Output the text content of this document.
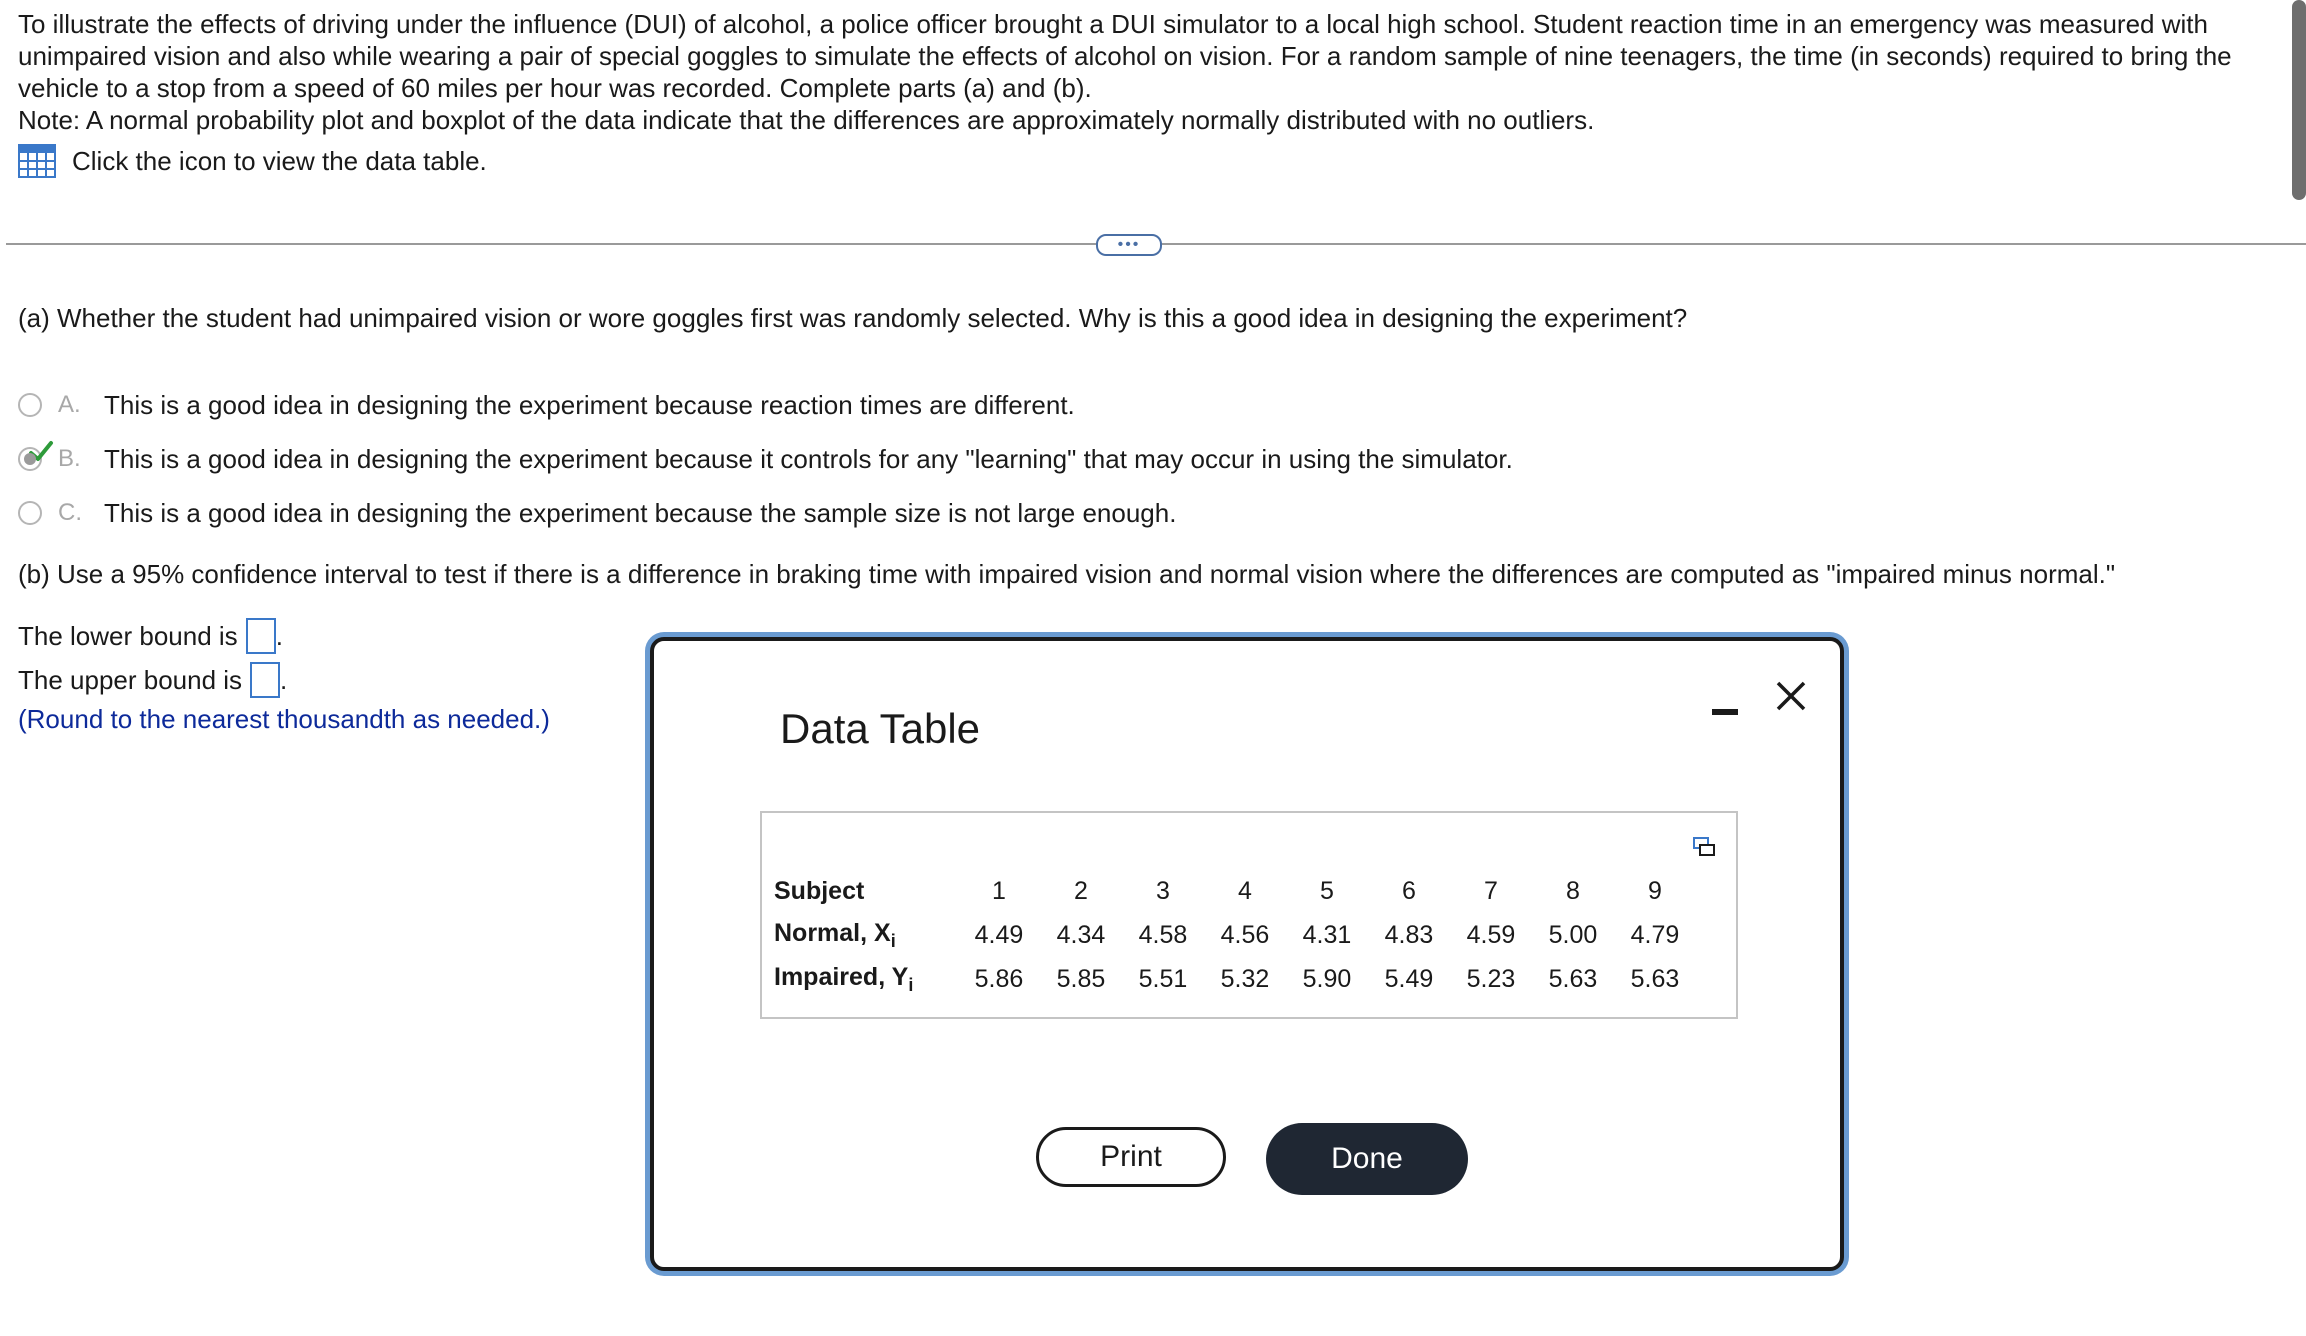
To illustrate the effects of driving under the influence (DUI) of alcohol, a police officer brought a DUI simulator to a local high school. Student reaction time in an emergency was measured with

unimpaired vision and also while wearing a pair of special goggles to simulate the effects of alcohol on vision. For a random sample of nine teenagers, the time (in seconds) required to bring the

vehicle to a stop from a speed of 60 miles per hour was recorded. Complete parts (a) and (b).

Note: A normal probability plot and boxplot of the data indicate that the differences are approximately normally distributed with no outliers.

Click the icon to view the data table.
•••
(a) Whether the student had unimpaired vision or wore goggles first was randomly selected. Why is this a good idea in designing the experiment?
A. This is a good idea in designing the experiment because reaction times are different.
B. This is a good idea in designing the experiment because it controls for any "learning" that may occur in using the simulator.
C. This is a good idea in designing the experiment because the sample size is not large enough.
(b) Use a 95% confidence interval to test if there is a difference in braking time with impaired vision and normal vision where the differences are computed as "impaired minus normal."
The lower bound is .
The upper bound is .
(Round to the nearest thousandth as needed.)	Data Table
Subject	1	2	3	4	5	6	7	8	9
Normal, $X_i$	4.49	4.34	4.58	4.56	4.31	4.83	4.59	5.00	4.79
Impaired, $Y_i$	5.86	5.85	5.51	5.32	5.90	5.49	5.23	5.63	5.63
Print	Done
